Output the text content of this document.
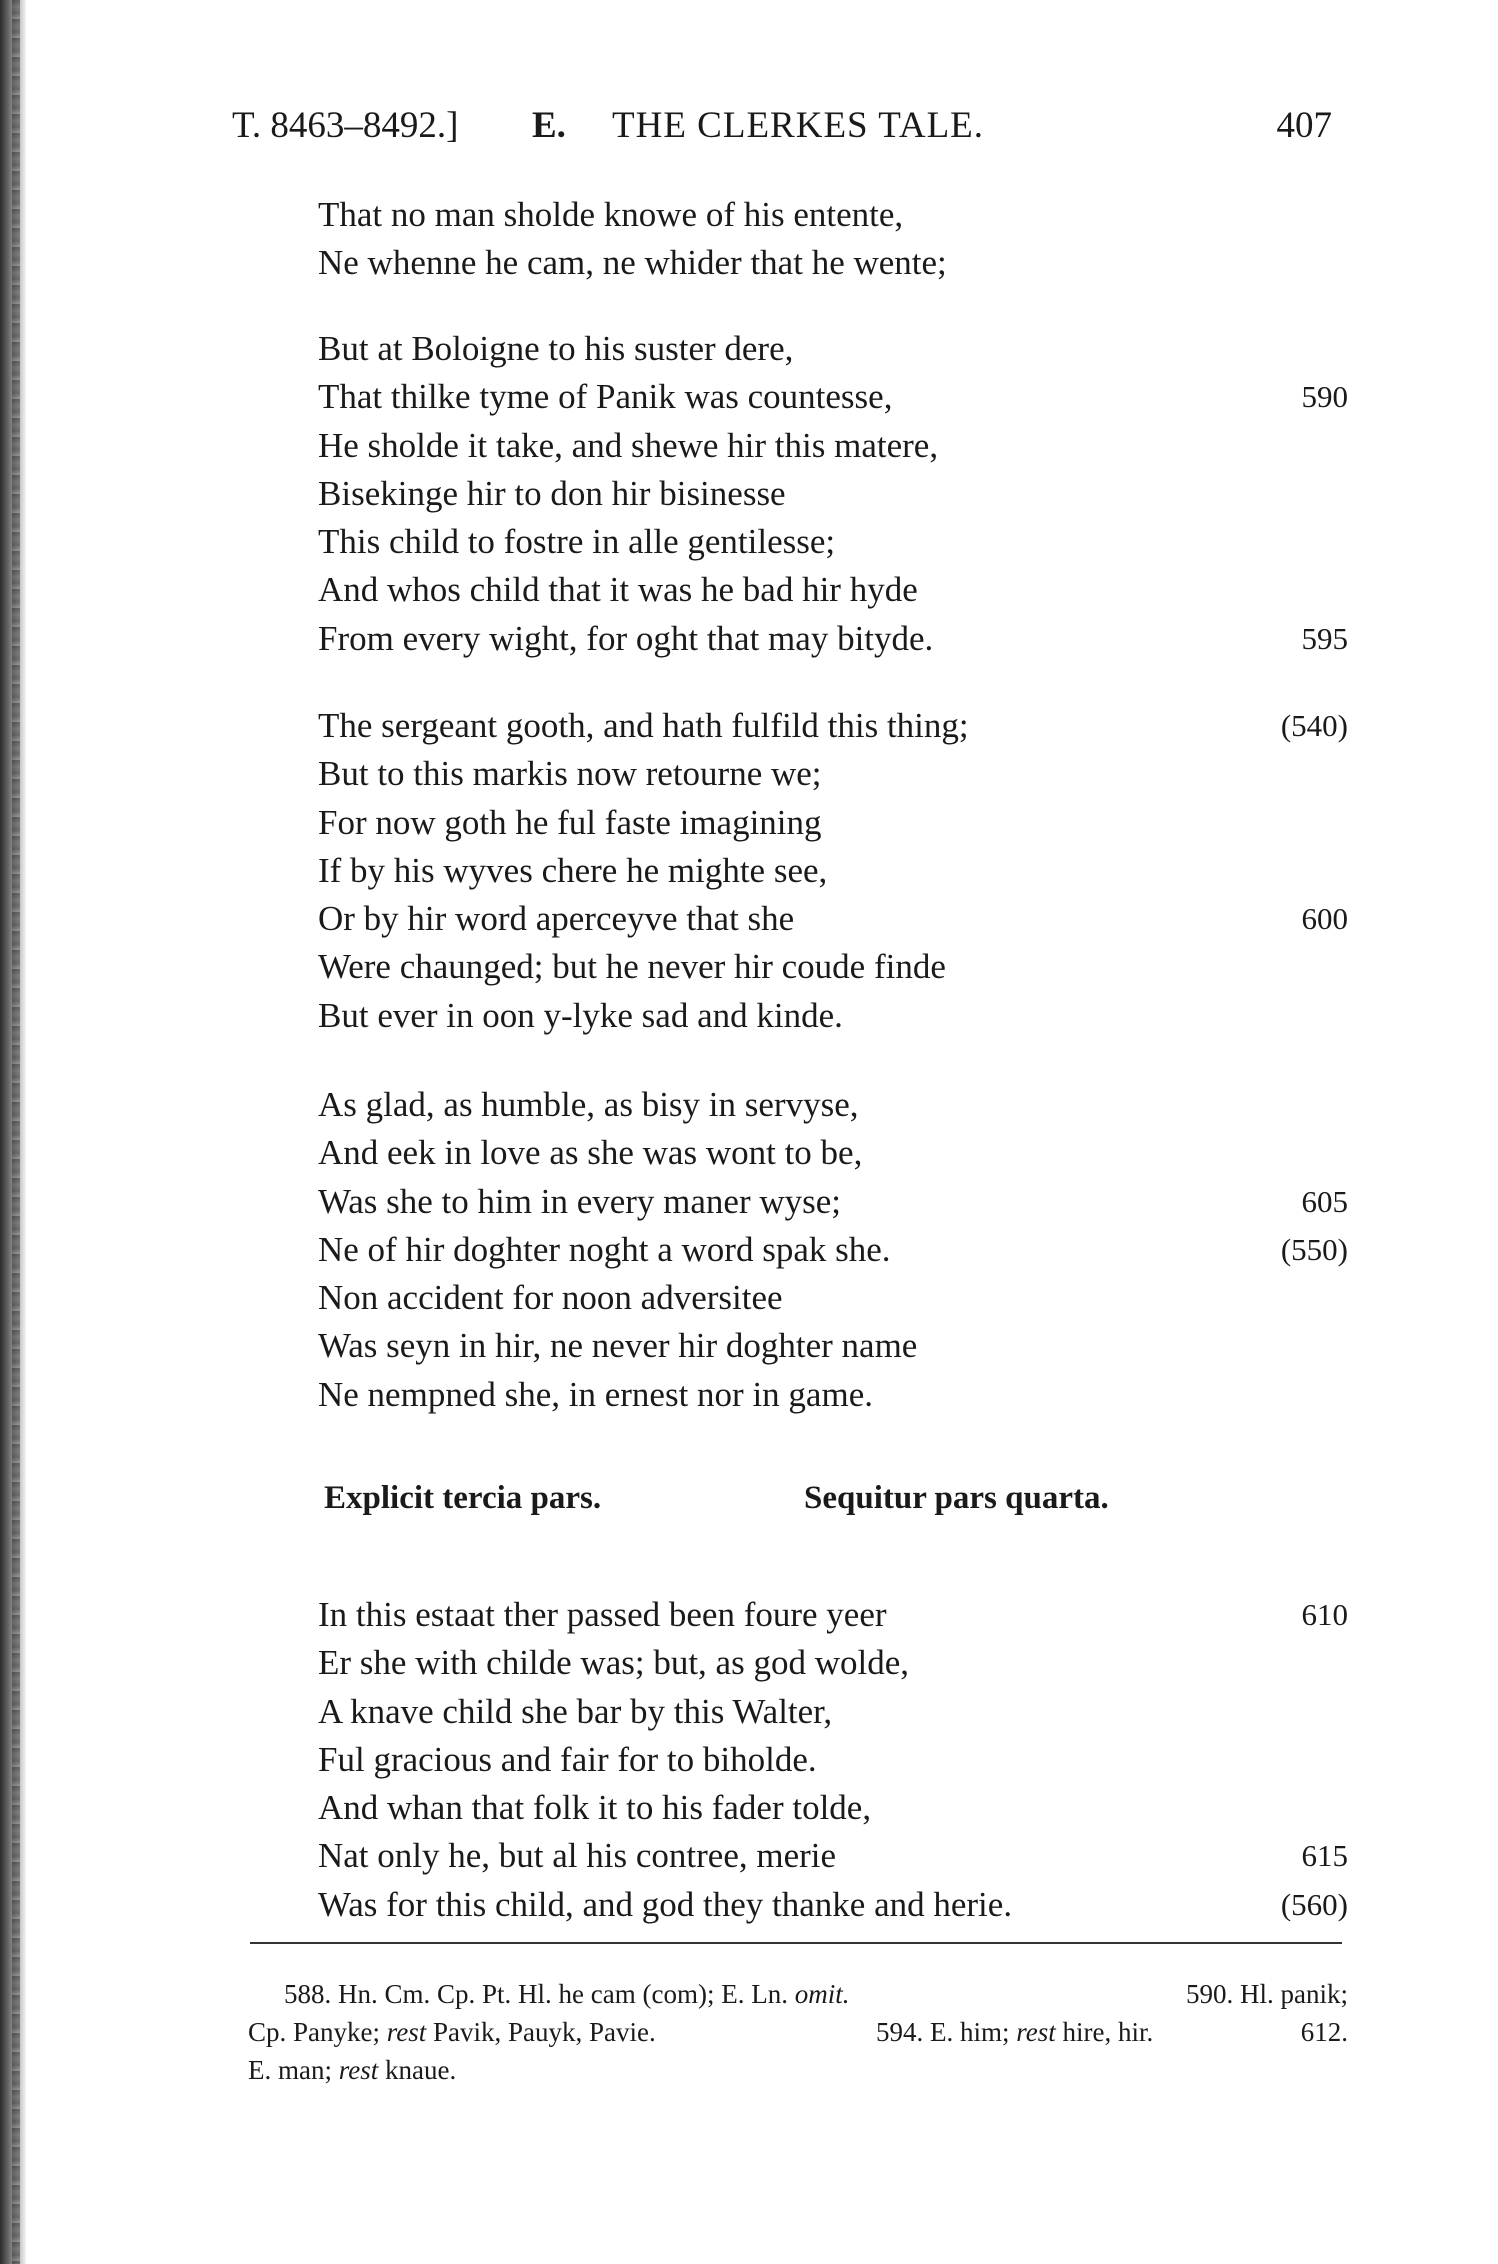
T. 8463–8492.] E. THE CLERKES TALE.	407
That no man sholde knowe of his entente,
Ne whenne he cam, ne whider that he wente;
But at Boloigne to his suster dere,
That thilke tyme of Panik was countesse,	590
He sholde it take, and shewe hir this matere,
Bisekinge hir to don hir bisinesse
This child to fostre in alle gentilesse;
And whos child that it was he bad hir hyde
From every wight, for oght that may bityde.	595
The sergeant gooth, and hath fulfild this thing;	(540)
But to this markis now retourne we;
For now goth he ful faste imagining
If by his wyves chere he mighte see,
Or by hir word aperceyve that she	600
Were chaunged; but he never hir coude finde
But ever in oon y-lyke sad and kinde.
As glad, as humble, as bisy in servyse,
And eek in love as she was wont to be,
Was she to him in every maner wyse;	605
Ne of hir doghter noght a word spak she.	(550)
Non accident for noon adversitee
Was seyn in hir, ne never hir doghter name
Ne nempned she, in ernest nor in game.
Explicit tercia pars.	Sequitur pars quarta.
In this estaat ther passed been foure yeer	610
Er she with childe was; but, as god wolde,
A knave child she bar by this Walter,
Ful gracious and fair for to biholde.
And whan that folk it to his fader tolde,
Nat only he, but al his contree, merie	615
Was for this child, and god they thanke and herie.	(560)
588. Hn. Cm. Cp. Pt. Hl. he cam (com); E. Ln. omit.	590. Hl. panik;
Cp. Panyke; rest Pavik, Pauyk, Pavie.	594. E. him; rest hire, hir.	612.
E. man; rest knaue.
